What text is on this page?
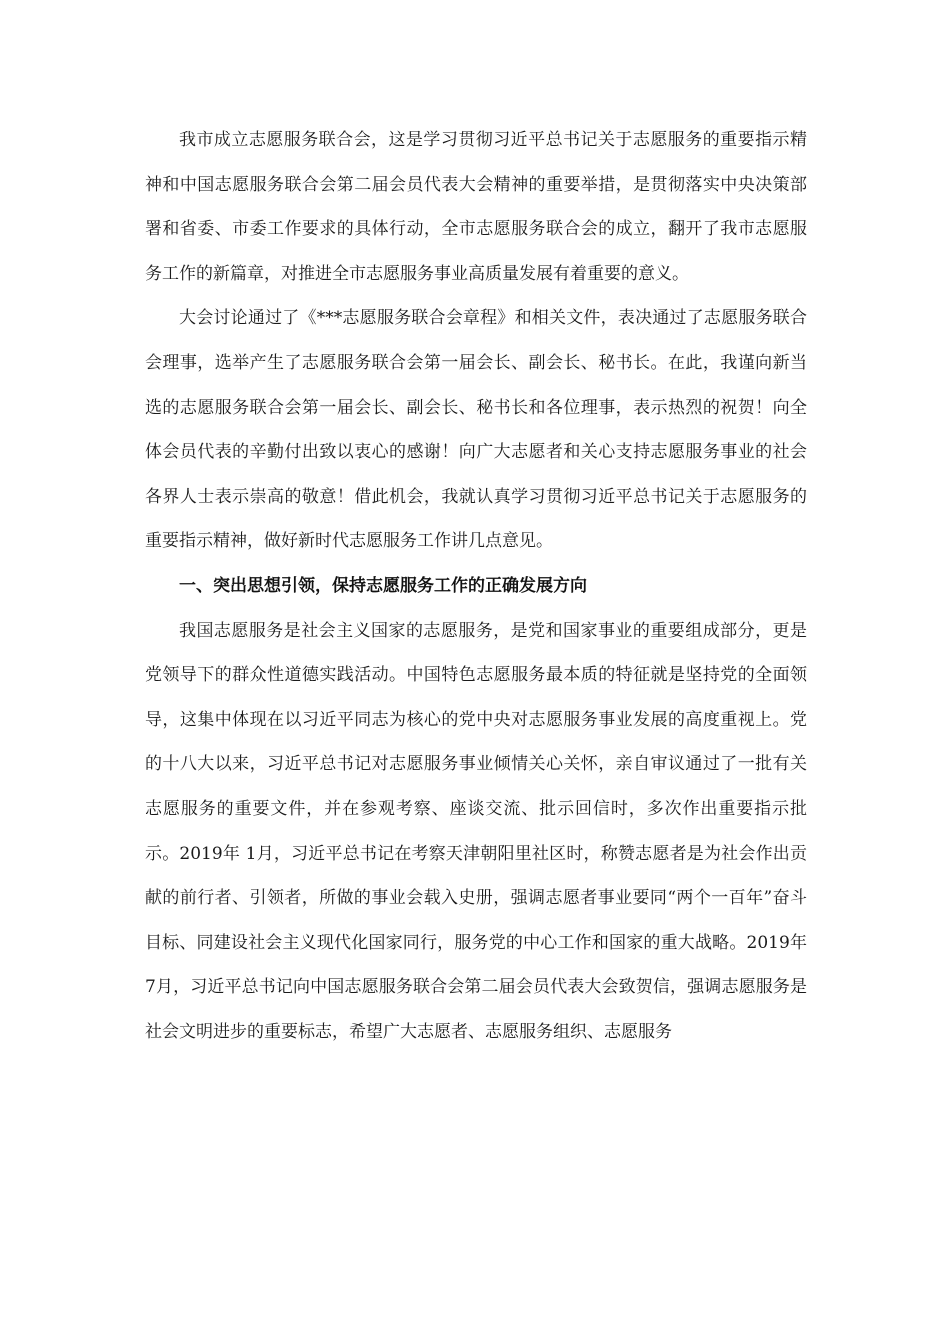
我市成立志愿服务联合会，这是学习贯彻习近平总书记关于志愿服务的重要指示精神和中国志愿服务联合会第二届会员代表大会精神的重要举措，是贯彻落实中央决策部署和省委、市委工作要求的具体行动，全市志愿服务联合会的成立，翻开了我市志愿服务工作的新篇章，对推进全市志愿服务事业高质量发展有着重要的意义。

大会讨论通过了《***志愿服务联合会章程》和相关文件，表决通过了志愿服务联合会理事，选举产生了志愿服务联合会第一届会长、副会长、秘书长。在此，我谨向新当选的志愿服务联合会第一届会长、副会长、秘书长和各位理事，表示热烈的祝贺！向全体会员代表的辛勤付出致以衷心的感谢！向广大志愿者和关心支持志愿服务事业的社会各界人士表示崇高的敬意！借此机会，我就认真学习贯彻习近平总书记关于志愿服务的重要指示精神，做好新时代志愿服务工作讲几点意见。

一、突出思想引领，保持志愿服务工作的正确发展方向

我国志愿服务是社会主义国家的志愿服务，是党和国家事业的重要组成部分，更是党领导下的群众性道德实践活动。中国特色志愿服务最本质的特征就是坚持党的全面领导，这集中体现在以习近平同志为核心的党中央对志愿服务事业发展的高度重视上。党的十八大以来，习近平总书记对志愿服务事业倾情关心关怀，亲自审议通过了一批有关志愿服务的重要文件，并在参观考察、座谈交流、批示回信时，多次作出重要指示批示。2019年 1月，习近平总书记在考察天津朝阳里社区时，称赞志愿者是为社会作出贡献的前行者、引领者，所做的事业会载入史册，强调志愿者事业要同“两个一百年”奋斗目标、同建设社会主义现代化国家同行，服务党的中心工作和国家的重大战略。2019年7月，习近平总书记向中国志愿服务联合会第二届会员代表大会致贺信，强调志愿服务是社会文明进步的重要标志，希望广大志愿者、志愿服务组织、志愿服务
